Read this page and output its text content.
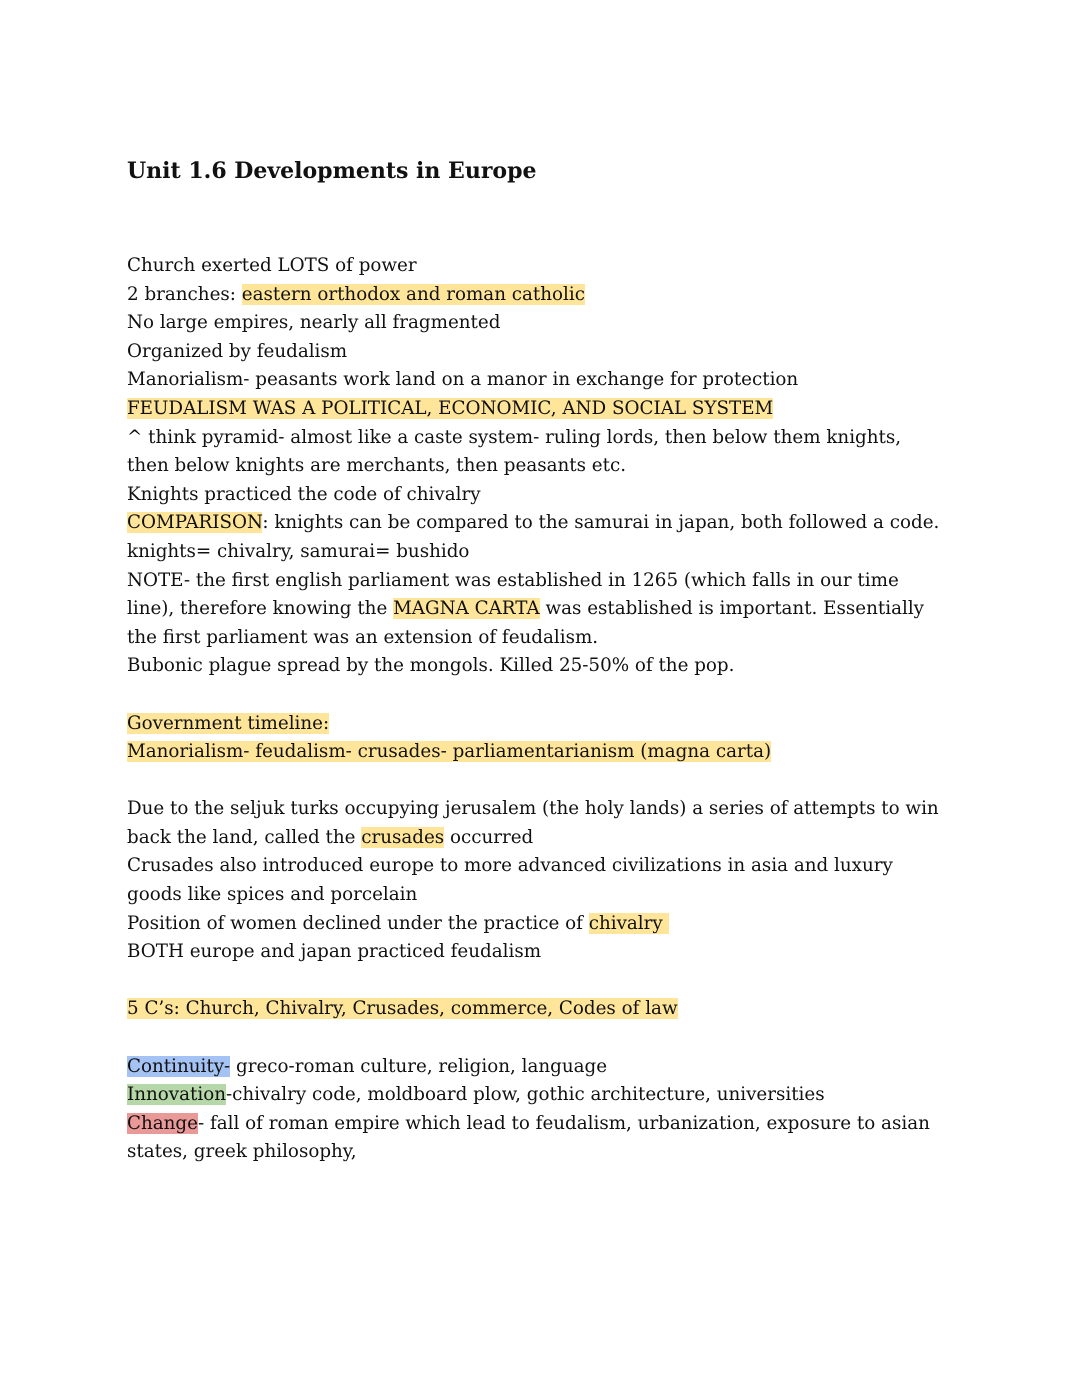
Unit 1.6 Developments in Europe
Church exerted LOTS of power
2 branches: eastern orthodox and roman catholic
No large empires, nearly all fragmented
Organized by feudalism
Manorialism- peasants work land on a manor in exchange for protection
FEUDALISM WAS A POLITICAL, ECONOMIC, AND SOCIAL SYSTEM
^ think pyramid- almost like a caste system- ruling lords, then below them knights, then below knights are merchants, then peasants etc.
Knights practiced the code of chivalry
COMPARISON: knights can be compared to the samurai in japan, both followed a code. knights= chivalry, samurai= bushido
NOTE- the first english parliament was established in 1265 (which falls in our time line), therefore knowing the MAGNA CARTA was established is important. Essentially the first parliament was an extension of feudalism.
Bubonic plague spread by the mongols. Killed 25-50% of the pop.
Government timeline:
Manorialism- feudalism- crusades- parliamentarianism (magna carta)
Due to the seljuk turks occupying jerusalem (the holy lands) a series of attempts to win back the land, called the crusades occurred
Crusades also introduced europe to more advanced civilizations in asia and luxury goods like spices and porcelain
Position of women declined under the practice of chivalry
BOTH europe and japan practiced feudalism
5 C’s: Church, Chivalry, Crusades, commerce, Codes of law
Continuity- greco-roman culture, religion, language
Innovation-chivalry code, moldboard plow, gothic architecture, universities
Change- fall of roman empire which lead to feudalism, urbanization, exposure to asian states, greek philosophy,
